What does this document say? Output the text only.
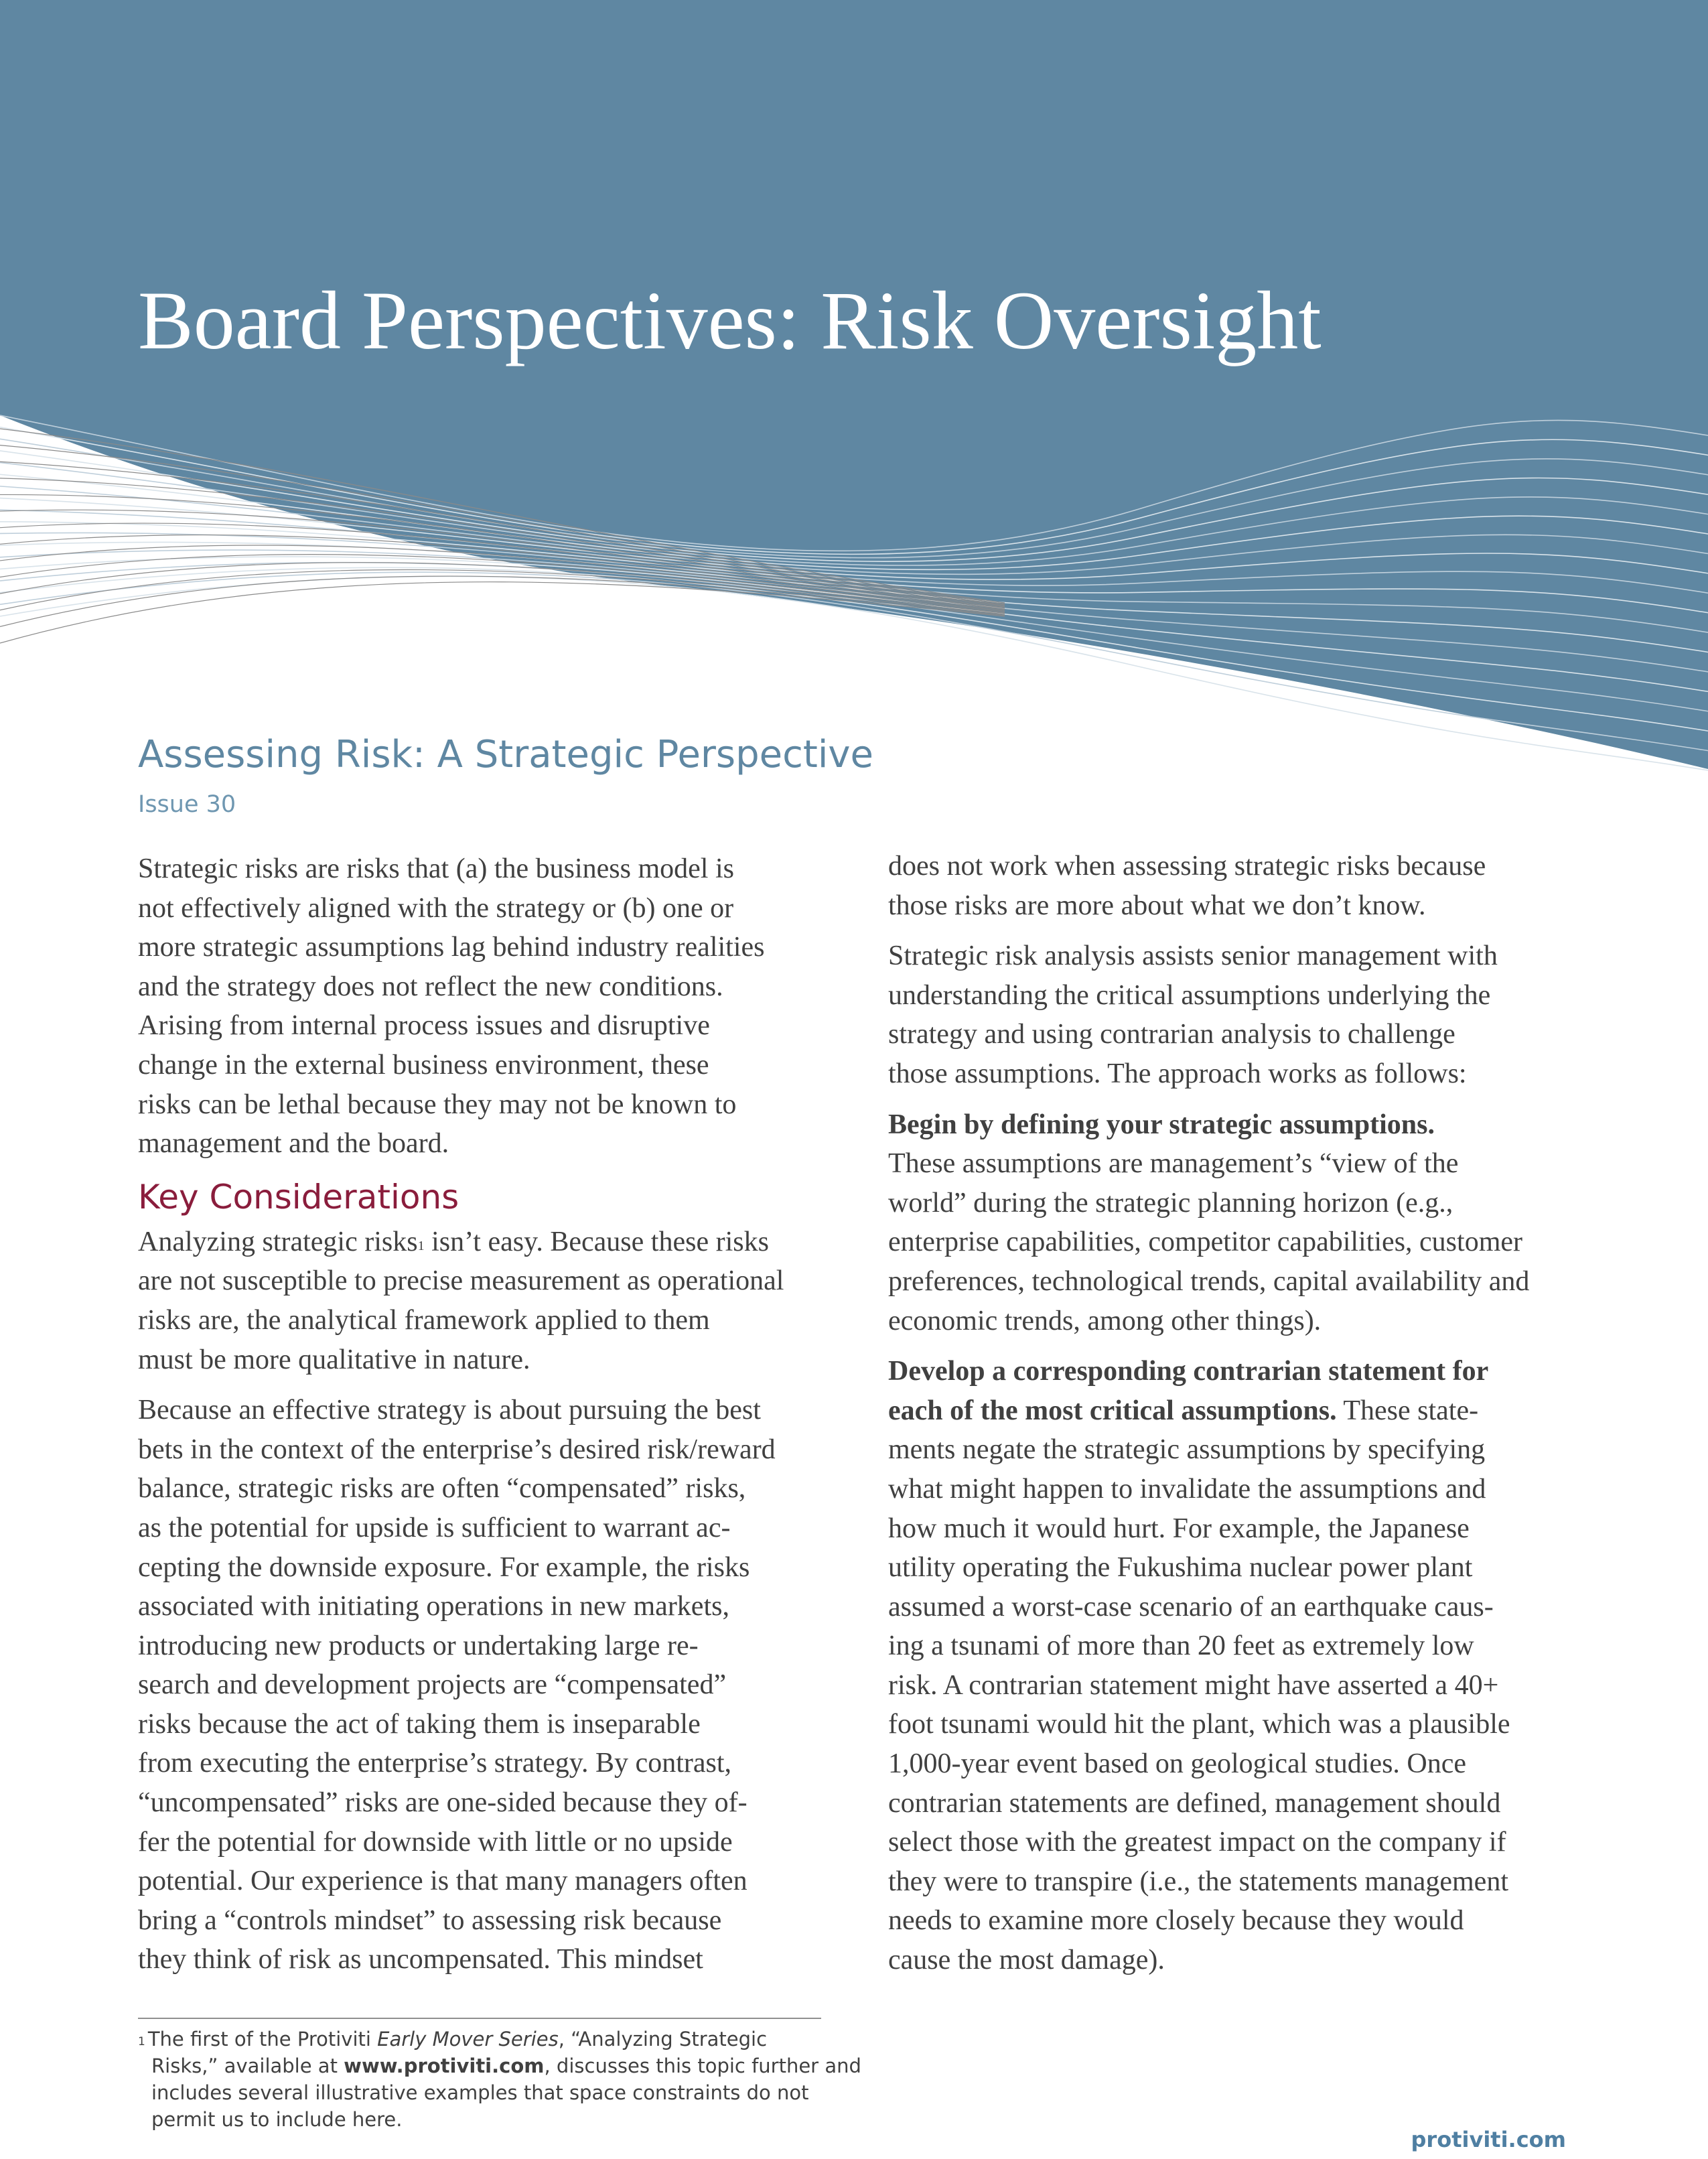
Board Perspectives: Risk Oversight
Assessing Risk: A Strategic Perspective
Issue 30

Strategic risks are risks that (a) the business model is
not effectively aligned with the strategy or (b) one or
more strategic assumptions lag behind industry realities
and the strategy does not reflect the new conditions.
Arising from internal process issues and disruptive
change in the external business environment, these
risks can be lethal because they may not be known to
management and the board.

Key Considerations

Analyzing strategic risks$^1$ isn’t easy. Because these risks
are not susceptible to precise measurement as operational
risks are, the analytical framework applied to them
must be more qualitative in nature.

Because an effective strategy is about pursuing the best
bets in the context of the enterprise’s desired risk/reward
balance, strategic risks are often “compensated” risks,
as the potential for upside is sufficient to warrant ac-
cepting the downside exposure. For example, the risks
associated with initiating operations in new markets,
introducing new products or undertaking large re-
search and development projects are “compensated”
risks because the act of taking them is inseparable
from executing the enterprise’s strategy. By contrast,
“uncompensated” risks are one-sided because they of-
fer the potential for downside with little or no upside
potential. Our experience is that many managers often
bring a “controls mindset” to assessing risk because
they think of risk as uncompensated. This mindset

does not work when assessing strategic risks because
those risks are more about what we don’t know.

Strategic risk analysis assists senior management with
understanding the critical assumptions underlying the
strategy and using contrarian analysis to challenge
those assumptions. The approach works as follows:

Begin by defining your strategic assumptions.
These assumptions are management’s “view of the
world” during the strategic planning horizon (e.g.,
enterprise capabilities, competitor capabilities, customer
preferences, technological trends, capital availability and
economic trends, among other things).

Develop a corresponding contrarian statement for
each of the most critical assumptions. These state-
ments negate the strategic assumptions by specifying
what might happen to invalidate the assumptions and
how much it would hurt. For example, the Japanese
utility operating the Fukushima nuclear power plant
assumed a worst-case scenario of an earthquake caus-
ing a tsunami of more than 20 feet as extremely low
risk. A contrarian statement might have asserted a 40+
foot tsunami would hit the plant, which was a plausible
1,000-year event based on geological studies. Once
contrarian statements are defined, management should
select those with the greatest impact on the company if
they were to transpire (i.e., the statements management
needs to examine more closely because they would
cause the most damage).

$^1$ The first of the Protiviti Early Mover Series, “Analyzing Strategic
Risks,” available at www.protiviti.com, discusses this topic further and
includes several illustrative examples that space constraints do not
permit us to include here.
protiviti.com
